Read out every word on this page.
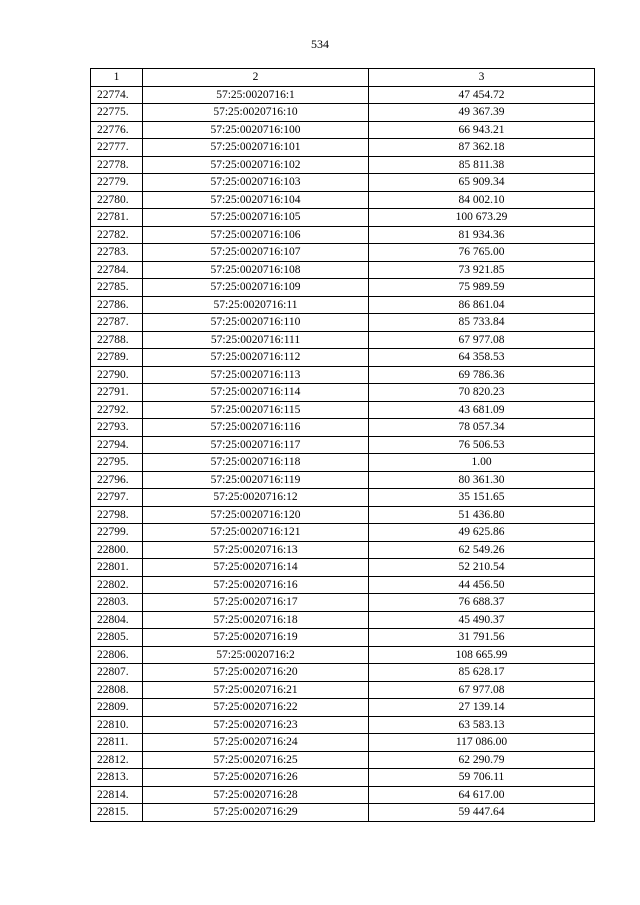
534
1	2	3
22774.	57:25:0020716:1	47 454.72
22775.	57:25:0020716:10	49 367.39
22776.	57:25:0020716:100	66 943.21
22777.	57:25:0020716:101	87 362.18
22778.	57:25:0020716:102	85 811.38
22779.	57:25:0020716:103	65 909.34
22780.	57:25:0020716:104	84 002.10
22781.	57:25:0020716:105	100 673.29
22782.	57:25:0020716:106	81 934.36
22783.	57:25:0020716:107	76 765.00
22784.	57:25:0020716:108	73 921.85
22785.	57:25:0020716:109	75 989.59
22786.	57:25:0020716:11	86 861.04
22787.	57:25:0020716:110	85 733.84
22788.	57:25:0020716:111	67 977.08
22789.	57:25:0020716:112	64 358.53
22790.	57:25:0020716:113	69 786.36
22791.	57:25:0020716:114	70 820.23
22792.	57:25:0020716:115	43 681.09
22793.	57:25:0020716:116	78 057.34
22794.	57:25:0020716:117	76 506.53
22795.	57:25:0020716:118	1.00
22796.	57:25:0020716:119	80 361.30
22797.	57:25:0020716:12	35 151.65
22798.	57:25:0020716:120	51 436.80
22799.	57:25:0020716:121	49 625.86
22800.	57:25:0020716:13	62 549.26
22801.	57:25:0020716:14	52 210.54
22802.	57:25:0020716:16	44 456.50
22803.	57:25:0020716:17	76 688.37
22804.	57:25:0020716:18	45 490.37
22805.	57:25:0020716:19	31 791.56
22806.	57:25:0020716:2	108 665.99
22807.	57:25:0020716:20	85 628.17
22808.	57:25:0020716:21	67 977.08
22809.	57:25:0020716:22	27 139.14
22810.	57:25:0020716:23	63 583.13
22811.	57:25:0020716:24	117 086.00
22812.	57:25:0020716:25	62 290.79
22813.	57:25:0020716:26	59 706.11
22814.	57:25:0020716:28	64 617.00
22815.	57:25:0020716:29	59 447.64
